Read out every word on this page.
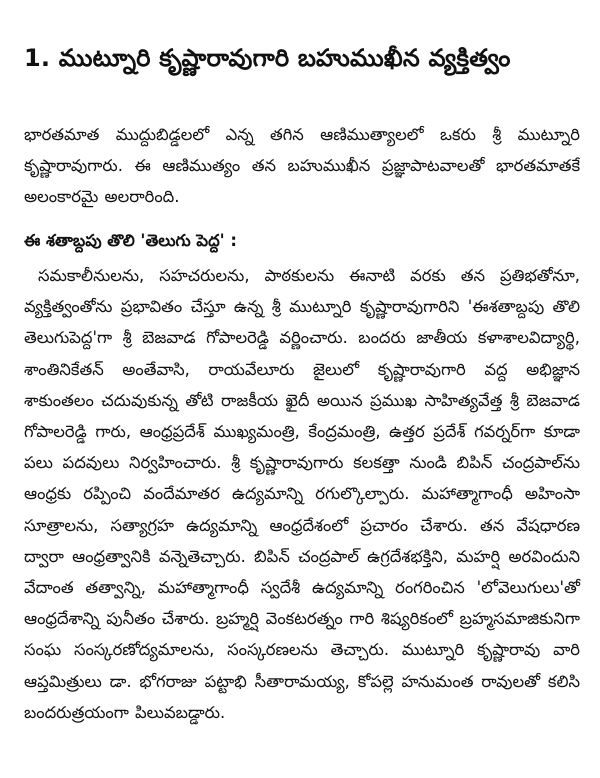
1. ముట్నూరి కృష్ణారావుగారి బహుముఖీన వ్యక్తిత్వం

భారతమాత ముద్దుబిడ్డలలో ఎన్న తగిన ఆణిముత్యాలలో ఒకరు శ్రీ ముట్నూరి కృష్ణారావుగారు. ఈ ఆణిముత్యం తన బహుముఖీన ప్రజ్ఞాపాటవాలతో భారతమాతకే అలంకారమై అలరారింది.

ఈ శతాబ్దపు తొలి 'తెలుగు పెద్ద' :

సమకాలీనులను, సహచరులను, పాఠకులను ఈనాటి వరకు తన ప్రతిభతోనూ, వ్యక్తిత్వంతోను ప్రభావితం చేస్తూ ఉన్న శ్రీ ముట్నూరి కృష్ణారావుగారిని 'ఈశతాబ్దపు తొలి తెలుగుపెద్ద'గా శ్రీ బెజవాడ గోపాలరెడ్డి వర్ణించారు. బందరు జాతీయ కళాశాలవిద్యార్థి, శాంతినికేతన్ అంతేవాసి, రాయవేలూరు జైలులో కృష్ణారావుగారి వద్ద అభిజ్ఞాన శాకుంతలం చదువుకున్న తోటి రాజకీయ ఖైదీ అయిన ప్రముఖ సాహిత్యవేత్త శ్రీ బెజవాడ గోపాలరెడ్డి గారు, ఆంధ్రప్రదేశ్ ముఖ్యమంత్రి, కేంద్రమంత్రి, ఉత్తర ప్రదేశ్ గవర్నర్‌గా కూడా పలు పదవులు నిర్వహించారు. శ్రీ కృష్ణారావుగారు కలకత్తా నుండి బిపిన్ చంద్రపాల్‌ను ఆంధ్రకు రప్పించి వందేమాతర ఉద్యమాన్ని రగుల్కొల్పారు. మహాత్మాగాంధీ అహింసా సూత్రాలను, సత్యాగ్రహ ఉద్యమాన్ని ఆంధ్రదేశంలో ప్రచారం చేశారు. తన వేషధారణ ద్వారా ఆంధ్రత్వానికి వన్నెతెచ్చారు. బిపిన్ చంద్రపాల్ ఉగ్రదేశభక్తిని, మహర్షి అరవిందుని వేదాంత తత్వాన్ని, మహాత్మాగాంధీ స్వదేశీ ఉద్యమాన్ని రంగరించిన 'లోవెలుగులు'తో ఆంధ్రదేశాన్ని పునీతం చేశారు. బ్రహ్మర్షి వెంకటరత్నం గారి శిష్యరికంలో బ్రహ్మసమాజికునిగా సంఘ సంస్కరణోద్యమాలను, సంస్కరణలను తెచ్చారు. ముట్నూరి కృష్ణారావు వారి ఆప్తమిత్రులు డా. భోగరాజు పట్టాభి సీతారామయ్య, కోపల్లె హనుమంత రావులతో కలిసి బందరుత్రయంగా పిలువబడ్డారు.
